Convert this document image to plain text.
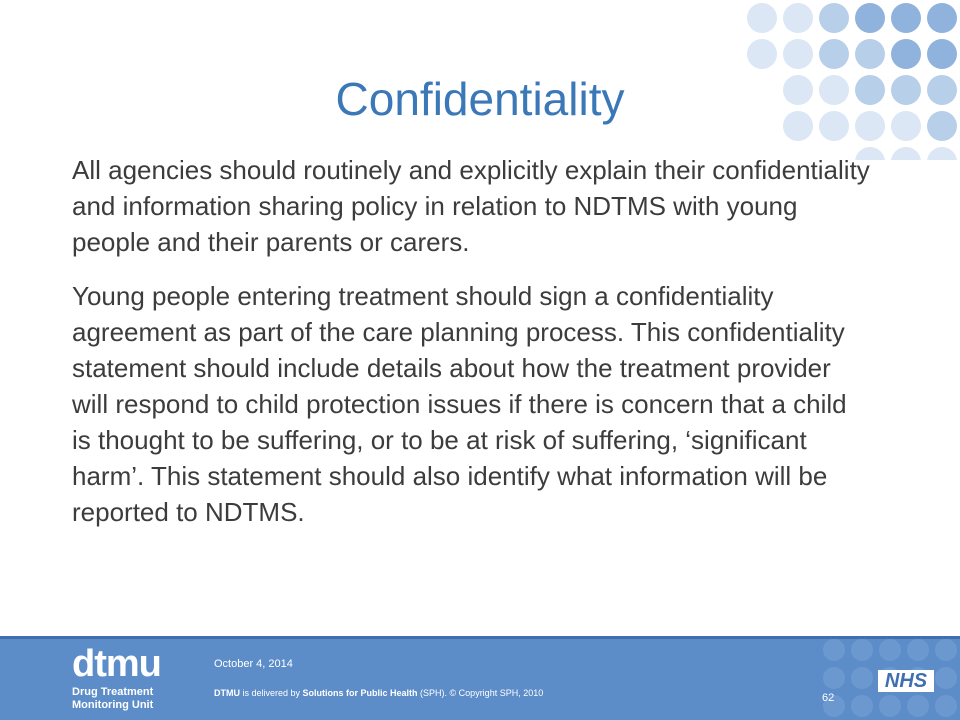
Confidentiality

All agencies should routinely and explicitly explain their confidentiality and information sharing policy in relation to NDTMS with young people and their parents or carers.

Young people entering treatment should sign a confidentiality agreement as part of the care planning process. This confidentiality statement should include details about how the treatment provider will respond to child protection issues if there is concern that a child is thought to be suffering, or to be at risk of suffering, ‘significant harm’. This statement should also identify what information will be reported to NDTMS.

dtmu
Drug Treatment
Monitoring Unit
October 4, 2014
DTMU is delivered by Solutions for Public Health (SPH). © Copyright SPH, 2010	62
NHS
